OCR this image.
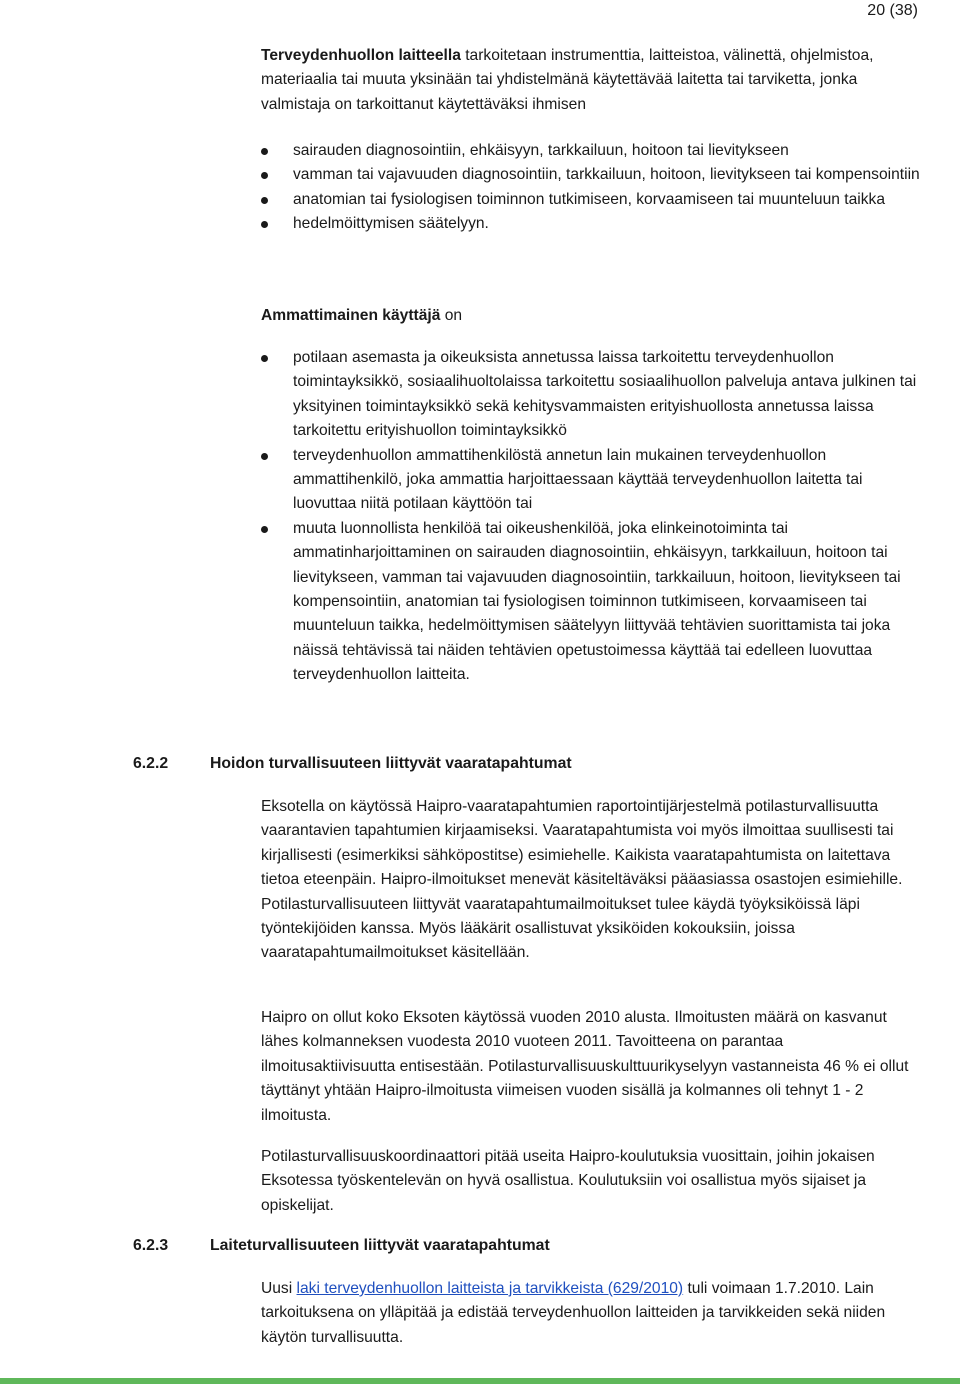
20 (38)

Terveydenhuollon laitteella tarkoitetaan instrumenttia, laitteistoa, välinettä, ohjelmistoa, materiaalia tai muuta yksinään tai yhdistelmänä käytettävää laitetta tai tarviketta, jonka valmistaja on tarkoittanut käytettäväksi ihmisen

sairauden diagnosointiin, ehkäisyyn, tarkkailuun, hoitoon tai lievitykseen
vamman tai vajavuuden diagnosointiin, tarkkailuun, hoitoon, lievitykseen tai kompensointiin
anatomian tai fysiologisen toiminnon tutkimiseen, korvaamiseen tai muunteluun taikka
hedelmöittymisen säätelyyn.

Ammattimainen käyttäjä on

potilaan asemasta ja oikeuksista annetussa laissa tarkoitettu terveydenhuollon toimintayksikkö, sosiaalihuoltolaissa tarkoitettu sosiaalihuollon palveluja antava julkinen tai yksityinen toimintayksikkö sekä kehitysvammaisten erityishuollosta annetussa laissa tarkoitettu erityishuollon toimintayksikkö
terveydenhuollon ammattihenkilöstä annetun lain mukainen terveydenhuollon ammattihenkilö, joka ammattia harjoittaessaan käyttää terveydenhuollon laitetta tai luovuttaa niitä potilaan käyttöön tai
muuta luonnollista henkilöä tai oikeushenkilöä, joka elinkeinotoiminta tai ammatinharjoittaminen on sairauden diagnosointiin, ehkäisyyn, tarkkailuun, hoitoon tai lievitykseen, vamman tai vajavuuden diagnosointiin, tarkkailuun, hoitoon, lievitykseen tai kompensointiin, anatomian tai fysiologisen toiminnon tutkimiseen, korvaamiseen tai muunteluun taikka, hedelmöittymisen säätelyyn liittyvää tehtävien suorittamista tai joka näissä tehtävissä tai näiden tehtävien opetustoimessa käyttää tai edelleen luovuttaa terveydenhuollon laitteita.
6.2.2	Hoidon turvallisuuteen liittyvät vaaratapahtumat

Eksotella on käytössä Haipro-vaaratapahtumien raportointijärjestelmä potilasturvallisuutta vaarantavien tapahtumien kirjaamiseksi. Vaaratapahtumista voi myös ilmoittaa suullisesti tai kirjallisesti (esimerkiksi sähköpostitse) esimiehelle. Kaikista vaaratapahtumista on laitettava tietoa eteenpäin. Haipro-ilmoitukset menevät käsiteltäväksi pääasiassa osastojen esimiehille. Potilasturvallisuuteen liittyvät vaaratapahtumailmoitukset tulee käydä työyksiköissä läpi työntekijöiden kanssa. Myös lääkärit osallistuvat yksiköiden kokouksiin, joissa vaaratapahtumailmoitukset käsitellään.

Haipro on ollut koko Eksoten käytössä vuoden 2010 alusta. Ilmoitusten määrä on kasvanut lähes kolmanneksen vuodesta 2010 vuoteen 2011. Tavoitteena on parantaa ilmoitusaktiivisuutta entisestään. Potilasturvallisuuskulttuurikyselyyn vastanneista 46 % ei ollut täyttänyt yhtään Haipro-ilmoitusta viimeisen vuoden sisällä ja kolmannes oli tehnyt 1 - 2 ilmoitusta.

Potilasturvallisuuskoordinaattori pitää useita Haipro-koulutuksia vuosittain, joihin jokaisen Eksotessa työskentelevän on hyvä osallistua. Koulutuksiin voi osallistua myös sijaiset ja opiskelijat.

6.2.3	Laiteturvallisuuteen liittyvät vaaratapahtumat

Uusi laki terveydenhuollon laitteista ja tarvikkeista (629/2010) tuli voimaan 1.7.2010. Lain tarkoituksena on ylläpitää ja edistää terveydenhuollon laitteiden ja tarvikkeiden sekä niiden käytön turvallisuutta.
